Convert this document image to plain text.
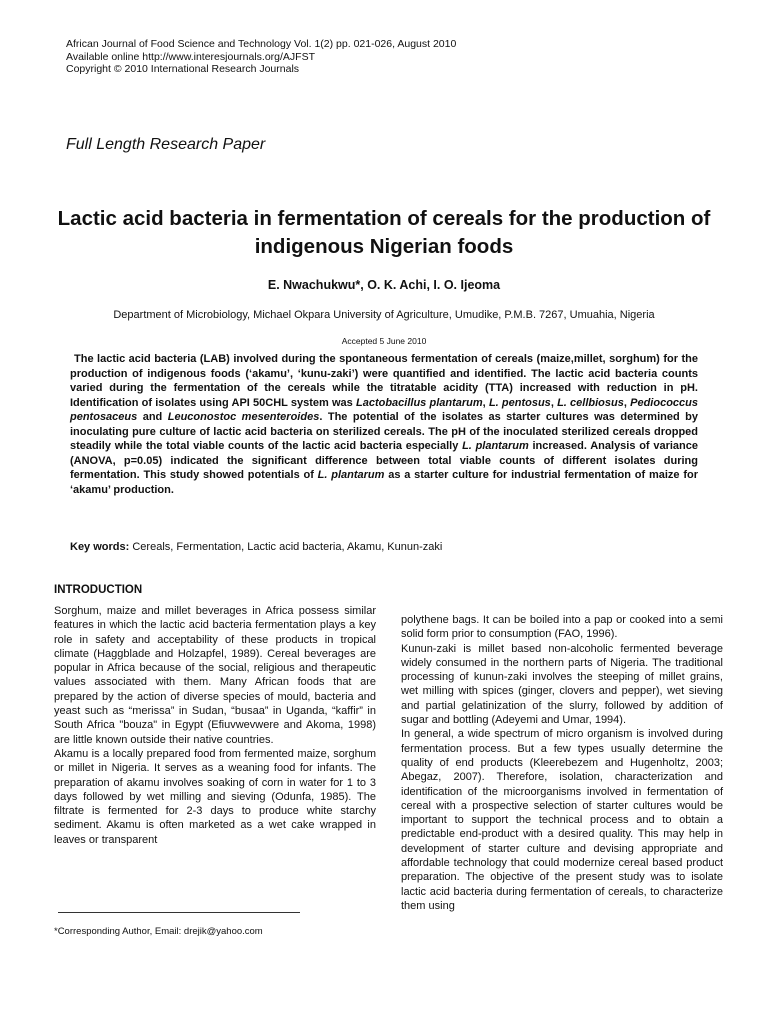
African Journal of Food Science and Technology Vol. 1(2) pp. 021-026, August 2010
Available online http://www.interesjournals.org/AJFST
Copyright © 2010 International Research Journals
Full Length Research Paper
Lactic acid bacteria in fermentation of cereals for the production of indigenous Nigerian foods
E. Nwachukwu*, O. K. Achi, I. O. Ijeoma
Department of Microbiology, Michael Okpara University of Agriculture, Umudike, P.M.B. 7267, Umuahia, Nigeria
Accepted 5 June 2010

The lactic acid bacteria (LAB) involved during the spontaneous fermentation of cereals (maize,millet, sorghum) for the production of indigenous foods (‘akamu’, ‘kunu-zaki’) were quantified and identified. The lactic acid bacteria counts varied during the fermentation of the cereals while the titratable acidity (TTA) increased with reduction in pH. Identification of isolates using API 50CHL system was Lactobacillus plantarum, L. pentosus, L. cellbiosus, Pediococcus pentosaceus and Leuconostoc mesenteroides. The potential of the isolates as starter cultures was determined by inoculating pure culture of lactic acid bacteria on sterilized cereals. The pH of the inoculated sterilized cereals dropped steadily while the total viable counts of the lactic acid bacteria especially L. plantarum increased. Analysis of variance (ANOVA, p=0.05) indicated the significant difference between total viable counts of different isolates during fermentation. This study showed potentials of L. plantarum as a starter culture for industrial fermentation of maize for ‘akamu’ production.

Key words: Cereals, Fermentation, Lactic acid bacteria, Akamu, Kunun-zaki
INTRODUCTION

Sorghum, maize and millet beverages in Africa possess similar features in which the lactic acid bacteria fermentation plays a key role in safety and acceptability of these products in tropical climate (Haggblade and Holzapfel, 1989). Cereal beverages are popular in Africa because of the social, religious and therapeutic values associated with them. Many African foods that are prepared by the action of diverse species of mould, bacteria and yeast such as “merissa” in Sudan, “busaa” in Uganda, “kaffir” in South Africa "bouza" in Egypt (Efiuvwevwere and Akoma, 1998) are little known outside their native countries.

Akamu is a locally prepared food from fermented maize, sorghum or millet in Nigeria. It serves as a weaning food for infants. The preparation of akamu involves soaking of corn in water for 1 to 3 days followed by wet milling and sieving (Odunfa, 1985). The filtrate is fermented for 2-3 days to produce white starchy sediment. Akamu is often marketed as a wet cake wrapped in leaves or transparent

polythene bags. It can be boiled into a pap or cooked into a semi solid form prior to consumption (FAO, 1996).

Kunun-zaki is millet based non-alcoholic fermented beverage widely consumed in the northern parts of Nigeria. The traditional processing of kunun-zaki involves the steeping of millet grains, wet milling with spices (ginger, clovers and pepper), wet sieving and partial gelatinization of the slurry, followed by addition of sugar and bottling (Adeyemi and Umar, 1994).

In general, a wide spectrum of micro organism is involved during fermentation process. But a few types usually determine the quality of end products (Kleerebezem and Hugenholtz, 2003; Abegaz, 2007). Therefore, isolation, characterization and identification of the microorganisms involved in fermentation of cereal with a prospective selection of starter cultures would be important to support the technical process and to obtain a predictable end-product with a desired quality. This may help in development of starter culture and devising appropriate and affordable technology that could modernize cereal based product preparation. The objective of the present study was to isolate lactic acid bacteria during fermentation of cereals, to characterize them using

*Corresponding Author, Email: drejik@yahoo.com
